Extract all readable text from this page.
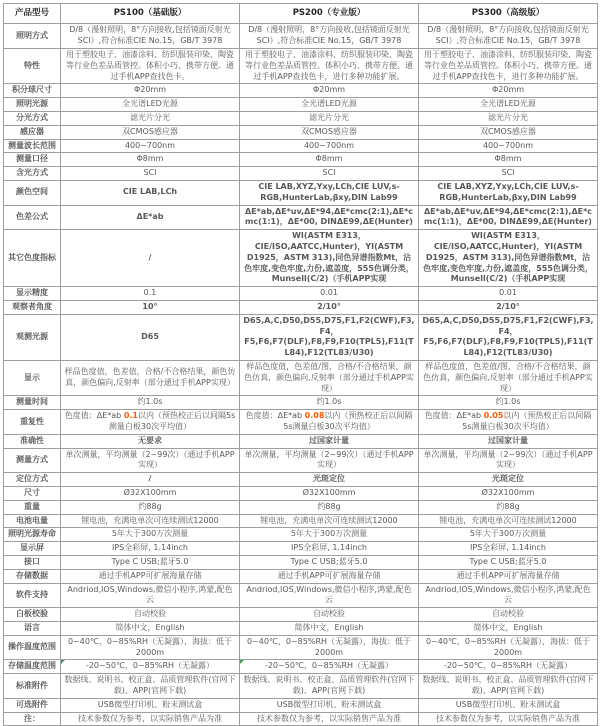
产品型号	PS100（基础版）	PS200（专业版）	PS300（高级版）
照明方式	D/8（漫射照明，8°方向接收,包括镜面反射光SCI）,符合标准CIE No.15，GB/T 3978	D/8（漫射照明，8°方向接收,包括镜面反射光SCI）,符合标准CIE No.15，GB/T 3978	D/8（漫射照明，8°方向接收,包括镜面反射光SCI）,符合标准CIE No.15，GB/T 3978
特性	用于塑胶电子、油漆涂料、纺织服装印染、陶瓷等行业色差品质管控。体积小巧、携带方便。通过手机APP查找色卡。	用于塑胶电子、油漆涂料、纺织服装印染、陶瓷等行业色差品质管控。体积小巧、携带方便。通过手机APP查找色卡，进行多种功能扩展。	用于塑胶电子、油漆涂料、纺织服装印染、陶瓷等行业色差品质管控。体积小巧、携带方便。通过手机APP查找色卡，进行多种功能扩展。
积分球尺寸	Φ20mm	Φ20mm	Φ20mm
照明光源	全光谱LED光源	全光谱LED光源	全光谱LED光源
分光方式	滤光片分光	滤光片分光	滤光片分光
感应器	双CMOS感应器	双CMOS感应器	双CMOS感应器
测量波长范围	400~700nm	400~700nm	400~700nm
测量口径	Φ8mm	Φ8mm	Φ8mm
含光方式	SCI	SCI	SCI
颜色空间	CIE LAB,LCh	CIE LAB,XYZ,Yxy,LCh,CIE LUV,s-RGB,HunterLab,βxy,DIN Lab99	CIE LAB,XYZ,Yxy,LCh,CIE LUV,s-RGB,HunterLab,βxy,DIN Lab99
色差公式	ΔE*ab	ΔE*ab,ΔE*uv,ΔE*94,ΔE*cmc(2:1),ΔE*cmc(1:1)，ΔE*00, DINΔE99,ΔE(Hunter)	ΔE*ab,ΔE*uv,ΔE*94,ΔE*cmc(2:1),ΔE*cmc(1:1)，ΔE*00, DINΔE99,ΔE(Hunter)
其它色度指标	/	WI(ASTM E313，CIE/ISO,AATCC,Hunter)，YI(ASTM D1925，ASTM 313),同色异谱指数Mt，沾色牢度,变色牢度,力份,遮盖度，555色调分类，Munsell(C/2)（手机APP实现	WI(ASTM E313，CIE/ISO,AATCC,Hunter)，YI(ASTM D1925，ASTM 313),同色异谱指数Mt，沾色牢度,变色牢度,力份,遮盖度，555色调分类，Munsell(C/2)（手机APP实现
显示精度	0.1	0.01	0.01
观察者角度	10°	2/10°	2/10°
观测光源	D65	D65,A,C,D50,D55,D75,F1,F2(CWF),F3,F4， F5,F6,F7(DLF),F8,F9,F10(TPL5),F11(TL84),F12(TL83/U30)	D65,A,C,D50,D55,D75,F1,F2(CWF),F3,F4， F5,F6,F7(DLF),F8,F9,F10(TPL5),F11(TL84),F12(TL83/U30)
显示	样品色度值，色差值，合格/不合格结果，颜色仿真，颜色偏向,反射率（部分通过手机APP实现）	样品色度值，色差值/图，合格/不合格结果，颜色仿真，颜色偏向,反射率（部分通过手机APP实现）	样品色度值，色差值/图，合格/不合格结果，颜色仿真，颜色偏向,反射率（部分通过手机APP实现）
测量时间	约1.0s	约1.0s	约1.0s
重复性	色度值：ΔE*ab 0.1以内（预热校正后以间隔5s测量白板30次平均值）	色度值：ΔE*ab 0.08以内（预热校正后以间隔5s测量白板30次平均值）	色度值：ΔE*ab 0.05以内（预热校正后以间隔5s测量白板30次平均值）
准确性	无要求	过国家计量	过国家计量
测量方式	单次测量，平均测量（2~99次）（通过手机APP实现）	单次测量，平均测量（2~99次）（通过手机APP实现）	单次测量，平均测量（2~99次）（通过手机APP实现）
定位方式	/	光斑定位	光斑定位
尺寸	Ø32X100mm	Ø32X100mm	Ø32X100mm
重量	约88g	约88g	约88g
电池电量	锂电池，充满电单次可连续测试12000	锂电池，充满电单次可连续测试12000	锂电池，充满电单次可连续测试12000
照明光源寿命	5年大于300万次测量	5年大于300万次测量	5年大于300万次测量
显示屏	IPS全彩屏, 1.14inch	IPS全彩屏, 1.14inch	IPS全彩屏, 1.14inch
接口	Type C USB;蓝牙5.0	Type C USB;蓝牙5.0	Type C USB;蓝牙5.0
存储数据	通过手机APP可扩展海量存储	通过手机APP可扩展海量存储	通过手机APP可扩展海量存储
软件支持	Andriod,IOS,Windows,微信小程序,鸿蒙,配色云	Andriod,IOS,Windows,微信小程序,鸿蒙,配色云	Andriod,IOS,Windows,微信小程序,鸿蒙,配色云
白板校验	自动校验	自动校验	自动校验
语言	简体中文，English	简体中文，English	简体中文，English
操作温度范围	0~40℃，0~85%RH（无凝露），海拔：低于2000m	0~40℃，0~85%RH（无凝露），海拔：低于2000m	0~40℃，0~85%RH（无凝露），海拔：低于2000m
存储温度范围	-20~50℃，0~85%RH（无凝露）	-20~50℃，0~85%RH（无凝露）	-20~50℃，0~85%RH（无凝露）
标准附件	数据线、说明书、校正盒、品质管理软件(官网下载)、APP(官网下载)	数据线、说明书、校正盒、品质管理软件(官网下载)、APP(官网下载)	数据线、说明书、校正盒、品质管理软件(官网下载)、APP(官网下载)
可选附件	USB微型打印机、粉末测试盒	USB微型打印机、粉末测试盒	USB微型打印机、粉末测试盒
注：	技术参数仅为参考，以实际销售产品为准	技术参数仅为参考，以实际销售产品为准	技术参数仅为参考，以实际销售产品为准
